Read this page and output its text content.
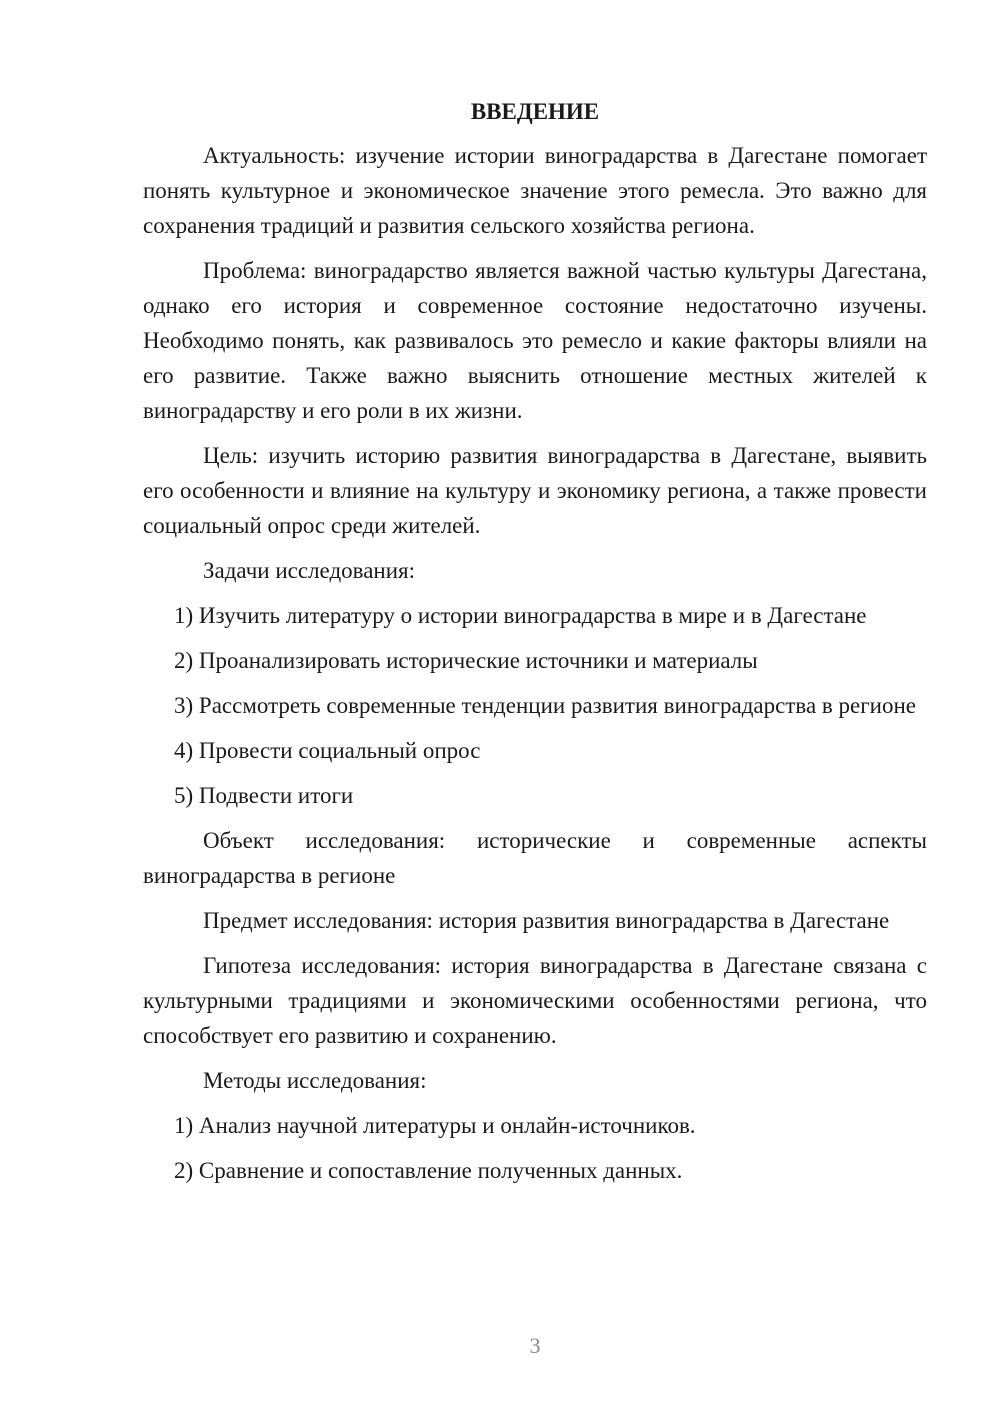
ВВЕДЕНИЕ

Актуальность: изучение истории виноградарства в Дагестане помогает понять культурное и экономическое значение этого ремесла. Это важно для сохранения традиций и развития сельского хозяйства региона.

Проблема: виноградарство является важной частью культуры Дагестана, однако его история и современное состояние недостаточно изучены. Необходимо понять, как развивалось это ремесло и какие факторы влияли на его развитие. Также важно выяснить отношение местных жителей к виноградарству и его роли в их жизни.

Цель: изучить историю развития виноградарства в Дагестане, выявить его особенности и влияние на культуру и экономику региона, а также провести социальный опрос среди жителей.

Задачи исследования:

1) Изучить литературу о истории виноградарства в мире и в Дагестане

2) Проанализировать исторические источники и материалы

3) Рассмотреть современные тенденции развития виноградарства в регионе

4) Провести социальный опрос

5) Подвести итоги

Объект исследования: исторические и современные аспекты виноградарства в регионе

Предмет исследования: история развития виноградарства в Дагестане

Гипотеза исследования: история виноградарства в Дагестане связана с культурными традициями и экономическими особенностями региона, что способствует его развитию и сохранению.

Методы исследования:

1) Анализ научной литературы и онлайн-источников.

2) Сравнение и сопоставление полученных данных.

3
